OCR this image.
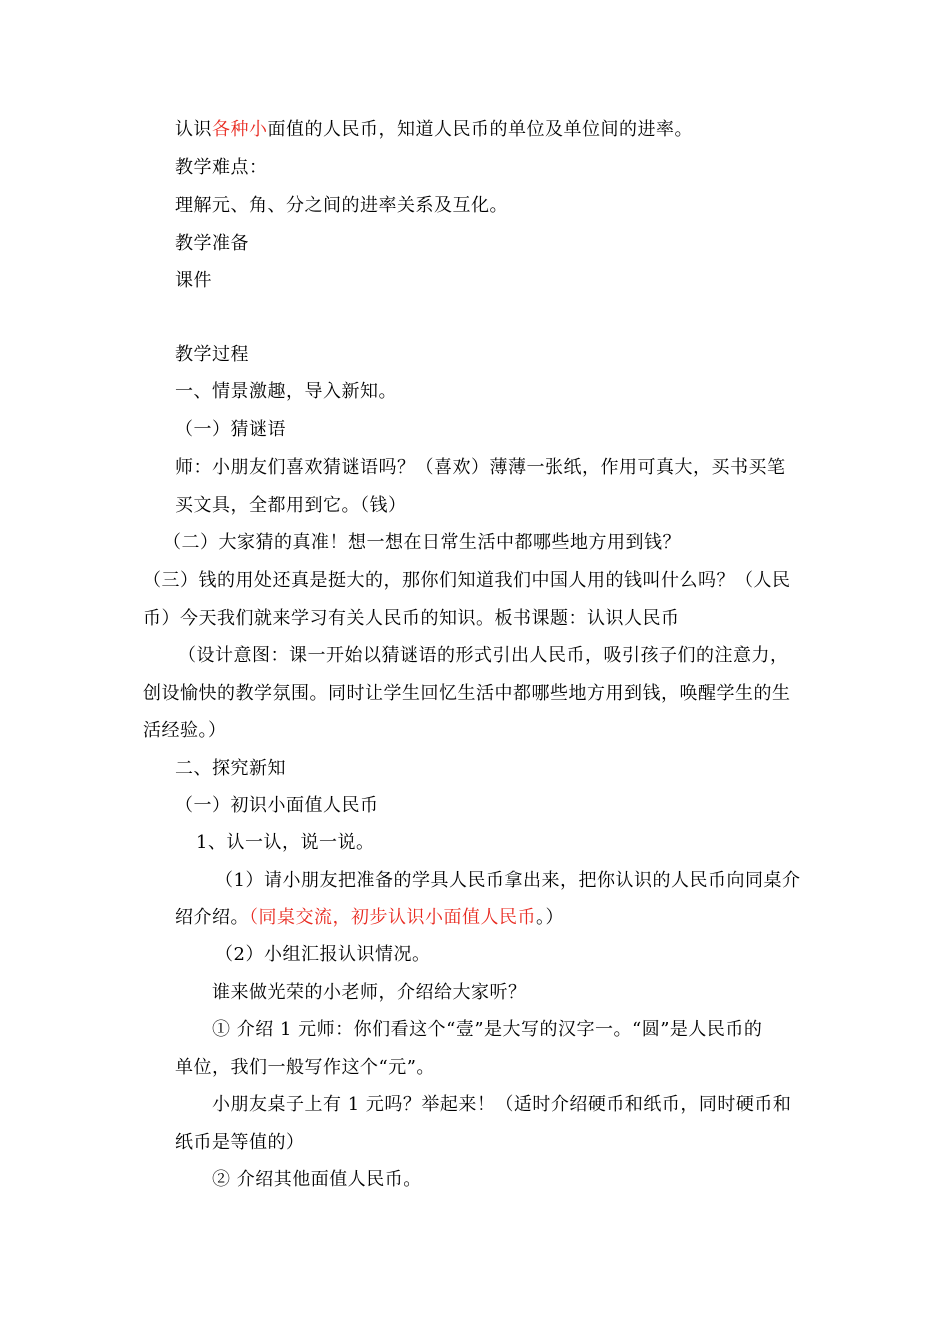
认识各种小面值的人民币，知道人民币的单位及单位间的进率。
教学难点：
理解元、角、分之间的进率关系及互化。
教学准备
课件
教学过程
一、情景激趣，导入新知。
（一）猜谜语
师：小朋友们喜欢猜谜语吗？（喜欢）薄薄一张纸，作用可真大，买书买笔
买文具，全都用到它。（钱）
（二）大家猜的真准！想一想在日常生活中都哪些地方用到钱？
（三）钱的用处还真是挺大的，那你们知道我们中国人用的钱叫什么吗？（人民
币）今天我们就来学习有关人民币的知识。板书课题：认识人民币
（设计意图：课一开始以猜谜语的形式引出人民币，吸引孩子们的注意力，
创设愉快的教学氛围。同时让学生回忆生活中都哪些地方用到钱，唤醒学生的生
活经验。）
二、探究新知
（一）初识小面值人民币
1、认一认，说一说。
（1）请小朋友把准备的学具人民币拿出来，把你认识的人民币向同桌介
绍介绍。（同桌交流，初步认识小面值人民币。）
（2）小组汇报认识情况。
谁来做光荣的小老师，介绍给大家听？
① 介绍 1 元师：你们看这个“壹”是大写的汉字一。“圆”是人民币的
单位，我们一般写作这个“元”。
小朋友桌子上有 1 元吗？举起来！（适时介绍硬币和纸币，同时硬币和
纸币是等值的）
② 介绍其他面值人民币。
